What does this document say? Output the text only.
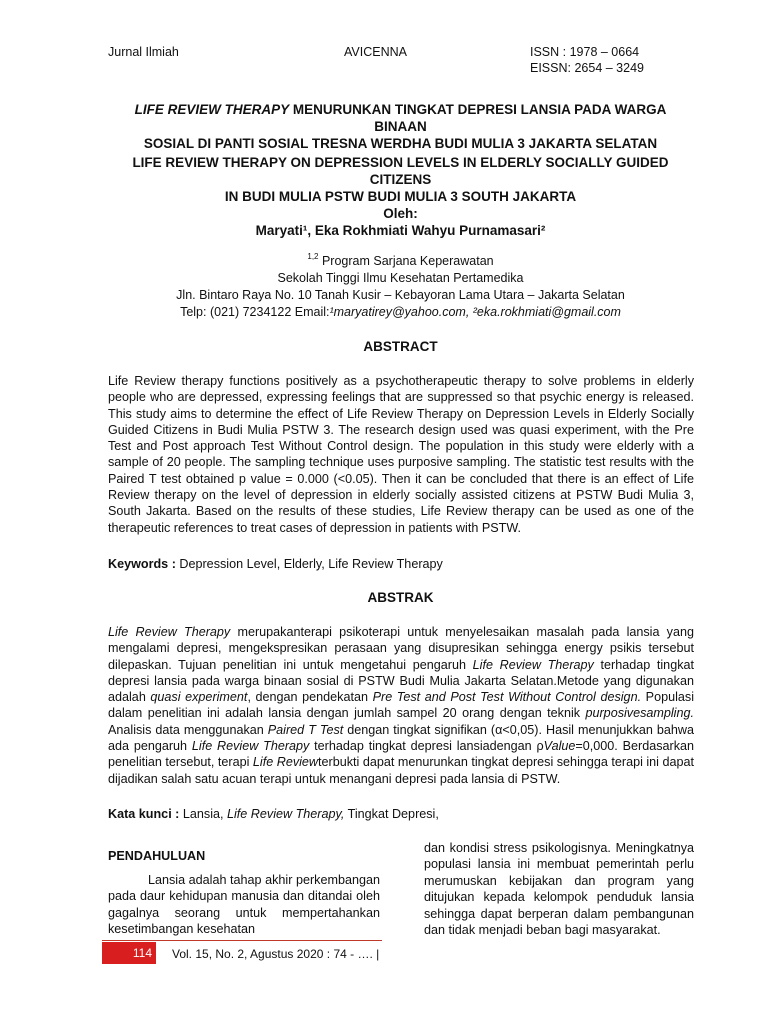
Jurnal Ilmiah	AVICENNA	ISSN : 1978 – 0664
EISSN: 2654 – 3249
LIFE REVIEW THERAPY MENURUNKAN TINGKAT DEPRESI LANSIA PADA WARGA BINAAN
SOSIAL DI PANTI SOSIAL TRESNA WERDHA BUDI MULIA 3 JAKARTA SELATAN
LIFE REVIEW THERAPY ON DEPRESSION LEVELS IN ELDERLY SOCIALLY GUIDED CITIZENS
IN BUDI MULIA PSTW BUDI MULIA 3 SOUTH JAKARTA
Oleh:
Maryati¹, Eka Rokhmiati Wahyu Purnamasari²
$^{1,2}$ Program Sarjana Keperawatan
Sekolah Tinggi Ilmu Kesehatan Pertamedika
Jln. Bintaro Raya No. 10 Tanah Kusir – Kebayoran Lama Utara – Jakarta Selatan
Telp: (021) 7234122 Email:¹maryatirey@yahoo.com, ²eka.rokhmiati@gmail.com
ABSTRACT
Life Review therapy functions positively as a psychotherapeutic therapy to solve problems in elderly people who are depressed, expressing feelings that are suppressed so that psychic energy is released. This study aims to determine the effect of Life Review Therapy on Depression Levels in Elderly Socially Guided Citizens in Budi Mulia PSTW 3. The research design used was quasi experiment, with the Pre Test and Post approach Test Without Control design. The population in this study were elderly with a sample of 20 people. The sampling technique uses purposive sampling. The statistic test results with the Paired T test obtained p value = 0.000 (<0.05). Then it can be concluded that there is an effect of Life Review therapy on the level of depression in elderly socially assisted citizens at PSTW Budi Mulia 3, South Jakarta. Based on the results of these studies, Life Review therapy can be used as one of the therapeutic references to treat cases of depression in patients with PSTW.
Keywords : Depression Level, Elderly, Life Review Therapy
ABSTRAK
Life Review Therapy merupakanterapi psikoterapi untuk menyelesaikan masalah pada lansia yang mengalami depresi, mengekspresikan perasaan yang disupresikan sehingga energy psikis tersebut dilepaskan. Tujuan penelitian ini untuk mengetahui pengaruh Life Review Therapy terhadap tingkat depresi lansia pada warga binaan sosial di PSTW Budi Mulia Jakarta Selatan.Metode yang digunakan adalah quasi experiment, dengan pendekatan Pre Test and Post Test Without Control design. Populasi dalam penelitian ini adalah lansia dengan jumlah sampel 20 orang dengan teknik purposivesampling. Analisis data menggunakan Paired T Test dengan tingkat signifikan (α<0,05). Hasil menunjukkan bahwa ada pengaruh Life Review Therapy terhadap tingkat depresi lansiadengan ρValue=0,000. Berdasarkan penelitian tersebut, terapi Life Reviewterbukti dapat menurunkan tingkat depresi sehingga terapi ini dapat dijadikan salah satu acuan terapi untuk menangani depresi pada lansia di PSTW.
Kata kunci : Lansia, Life Review Therapy, Tingkat Depresi,
PENDAHULUAN
Lansia adalah tahap akhir perkembangan pada daur kehidupan manusia dan ditandai oleh gagalnya seorang untuk mempertahankan kesetimbangan kesehatan
dan kondisi stress psikologisnya. Meningkatnya populasi lansia ini membuat pemerintah perlu merumuskan kebijakan dan program yang ditujukan kepada kelompok penduduk lansia sehingga dapat berperan dalam pembangunan dan tidak menjadi beban bagi masyarakat.
114	Vol. 15, No. 2, Agustus 2020 : 74 - …. |
